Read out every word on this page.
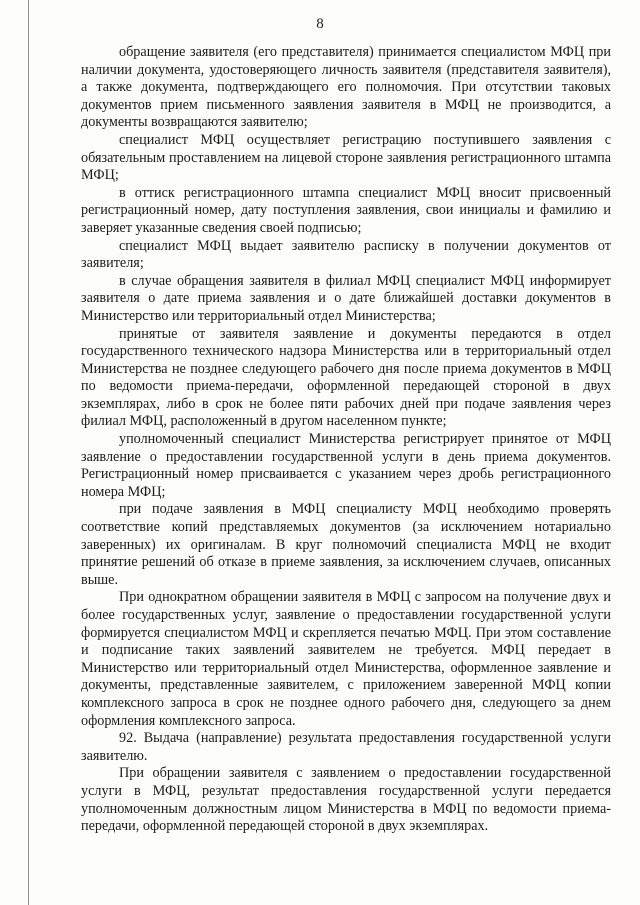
8

обращение заявителя (его представителя) принимается специалистом МФЦ при наличии документа, удостоверяющего личность заявителя (представителя заявителя), а также документа, подтверждающего его полномочия. При отсутствии таковых документов прием письменного заявления заявителя в МФЦ не производится, а документы возвращаются заявителю;

специалист МФЦ осуществляет регистрацию поступившего заявления с обязательным проставлением на лицевой стороне заявления регистрационного штампа МФЦ;

в оттиск регистрационного штампа специалист МФЦ вносит присвоенный регистрационный номер, дату поступления заявления, свои инициалы и фамилию и заверяет указанные сведения своей подписью;

специалист МФЦ выдает заявителю расписку в получении документов от заявителя;

в случае обращения заявителя в филиал МФЦ специалист МФЦ информирует заявителя о дате приема заявления и о дате ближайшей доставки документов в Министерство или территориальный отдел Министерства;

принятые от заявителя заявление и документы передаются в отдел государственного технического надзора Министерства или в территориальный отдел Министерства не позднее следующего рабочего дня после приема документов в МФЦ по ведомости приема-передачи, оформленной передающей стороной в двух экземплярах, либо в срок не более пяти рабочих дней при подаче заявления через филиал МФЦ, расположенный в другом населенном пункте;

уполномоченный специалист Министерства регистрирует принятое от МФЦ заявление о предоставлении государственной услуги в день приема документов. Регистрационный номер присваивается с указанием через дробь регистрационного номера МФЦ;

при подаче заявления в МФЦ специалисту МФЦ необходимо проверять соответствие копий представляемых документов (за исключением нотариально заверенных) их оригиналам. В круг полномочий специалиста МФЦ не входит принятие решений об отказе в приеме заявления, за исключением случаев, описанных выше.

При однократном обращении заявителя в МФЦ с запросом на получение двух и более государственных услуг, заявление о предоставлении государственной услуги формируется специалистом МФЦ и скрепляется печатью МФЦ. При этом составление и подписание таких заявлений заявителем не требуется. МФЦ передает в Министерство или территориальный отдел Министерства, оформленное заявление и документы, представленные заявителем, с приложением заверенной МФЦ копии комплексного запроса в срок не позднее одного рабочего дня, следующего за днем оформления комплексного запроса.

92. Выдача (направление) результата предоставления государственной услуги заявителю.

При обращении заявителя с заявлением о предоставлении государственной услуги в МФЦ, результат предоставления государственной услуги передается уполномоченным должностным лицом Министерства в МФЦ по ведомости приема-передачи, оформленной передающей стороной в двух экземплярах.
